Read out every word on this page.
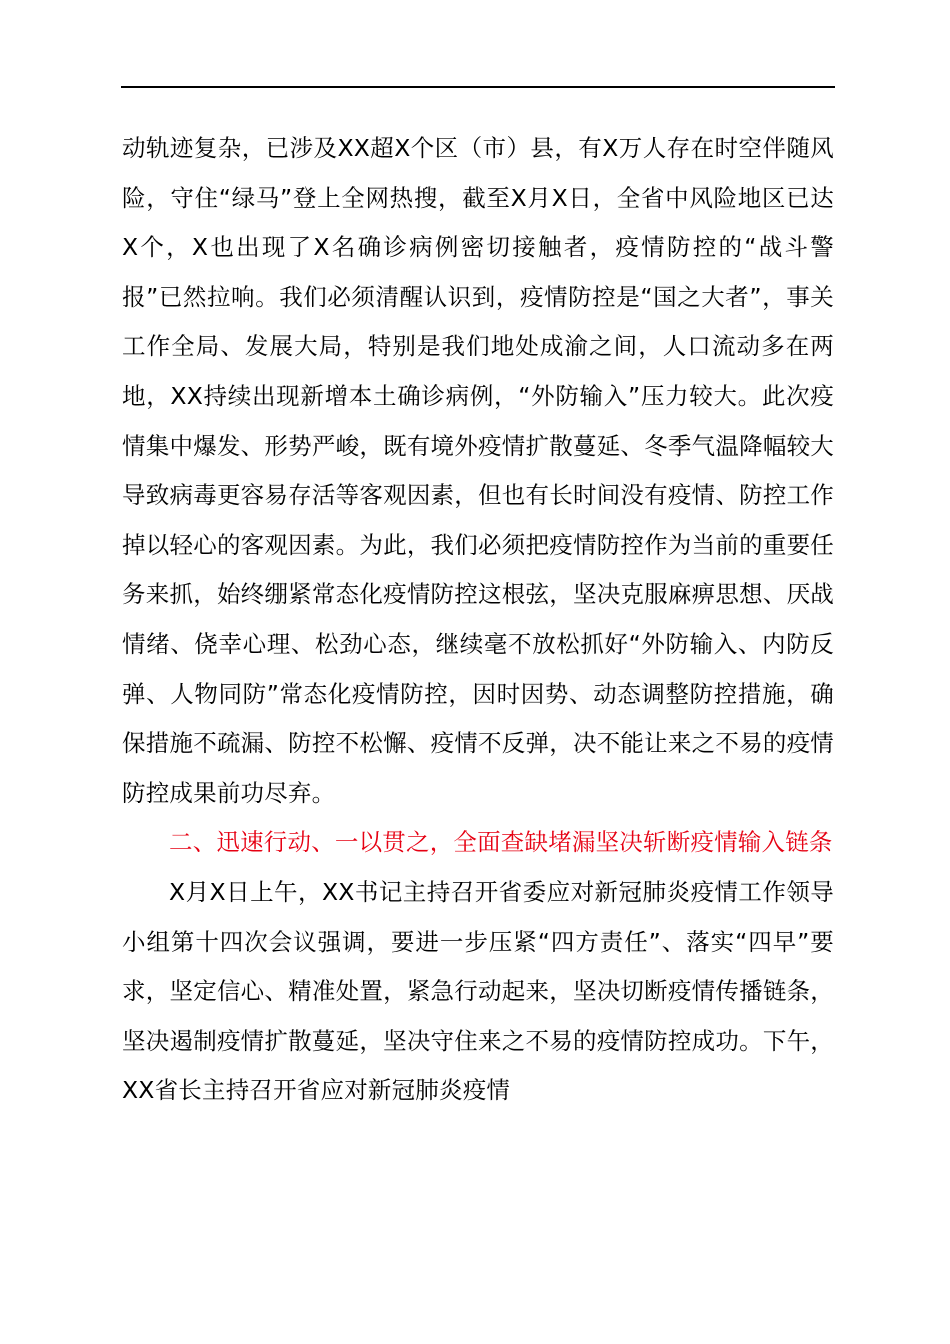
动轨迹复杂，已涉及XX超X个区（市）县，有X万人存在时空伴随风险，守住“绿马”登上全网热搜，截至X月X日，全省中风险地区已达X个，X也出现了X名确诊病例密切接触者，疫情防控的“战斗警报”已然拉响。我们必须清醒认识到，疫情防控是“国之大者”，事关工作全局、发展大局，特别是我们地处成渝之间，人口流动多在两地，XX持续出现新增本土确诊病例，“外防输入”压力较大。此次疫情集中爆发、形势严峻，既有境外疫情扩散蔓延、冬季气温降幅较大导致病毒更容易存活等客观因素，但也有长时间没有疫情、防控工作掉以轻心的客观因素。为此，我们必须把疫情防控作为当前的重要任务来抓，始终绷紧常态化疫情防控这根弦，坚决克服麻痹思想、厌战情绪、侥幸心理、松劲心态，继续毫不放松抓好“外防输入、内防反弹、人物同防”常态化疫情防控，因时因势、动态调整防控措施，确保措施不疏漏、防控不松懈、疫情不反弹，决不能让来之不易的疫情防控成果前功尽弃。

二、迅速行动、一以贯之，全面查缺堵漏坚决斩断疫情输入链条

X月X日上午，XX书记主持召开省委应对新冠肺炎疫情工作领导小组第十四次会议强调，要进一步压紧“四方责任”、落实“四早”要求，坚定信心、精准处置，紧急行动起来，坚决切断疫情传播链条，坚决遏制疫情扩散蔓延，坚决守住来之不易的疫情防控成功。下午，XX省长主持召开省应对新冠肺炎疫情
